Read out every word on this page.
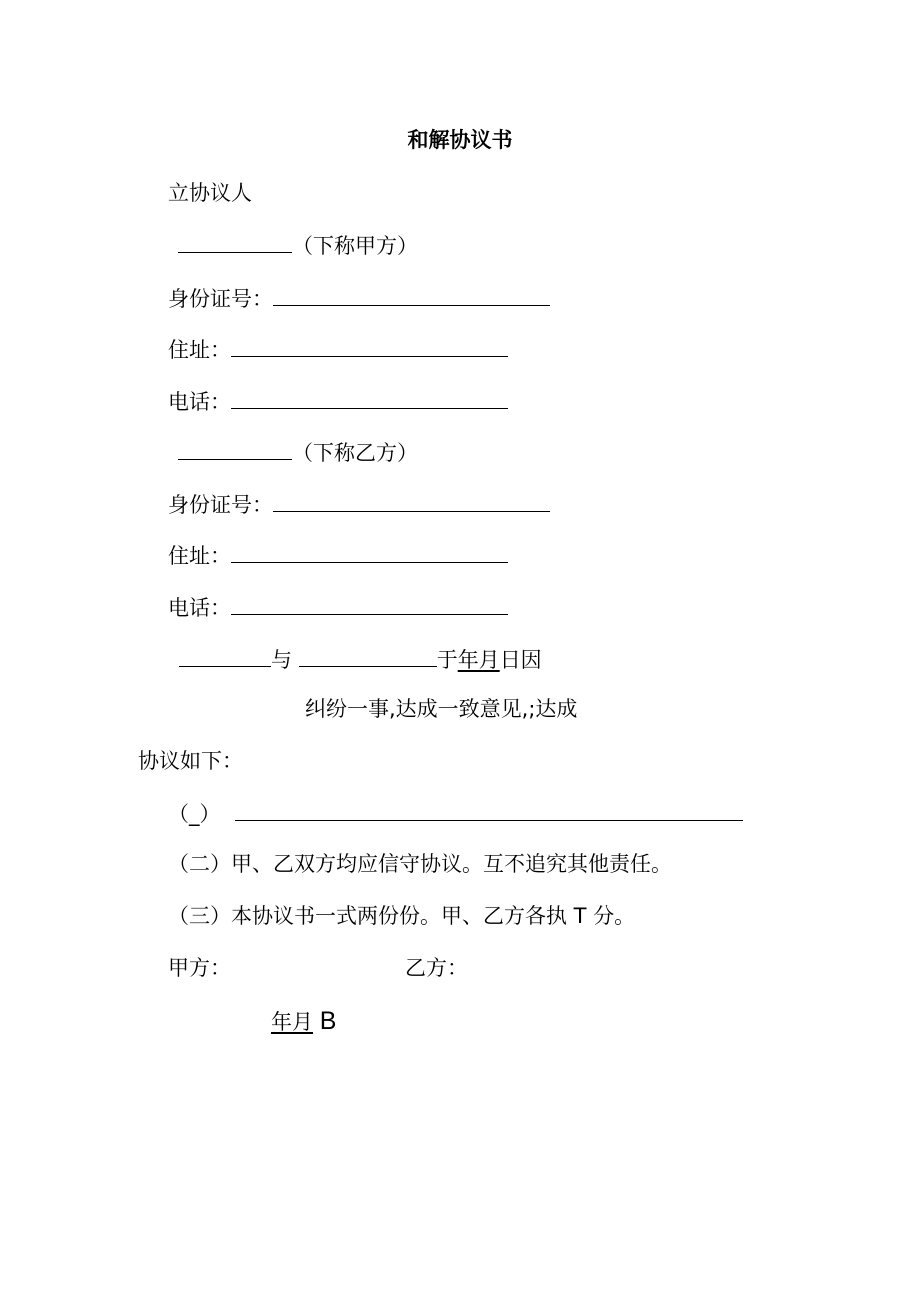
和解协议书
立协议人
（下称甲方）
身份证号：
住址：
电话：
（下称乙方）
身份证号：
住址：
电话：
与	于年月日因
纠纷一事,达成一致意见,;达成
协议如下：
（_）
（二）甲、乙双方均应信守协议。互不追究其他责任。
（三）本协议书一式两份份。甲、乙方各执 T 分。
甲方：	乙方：
年月 B
